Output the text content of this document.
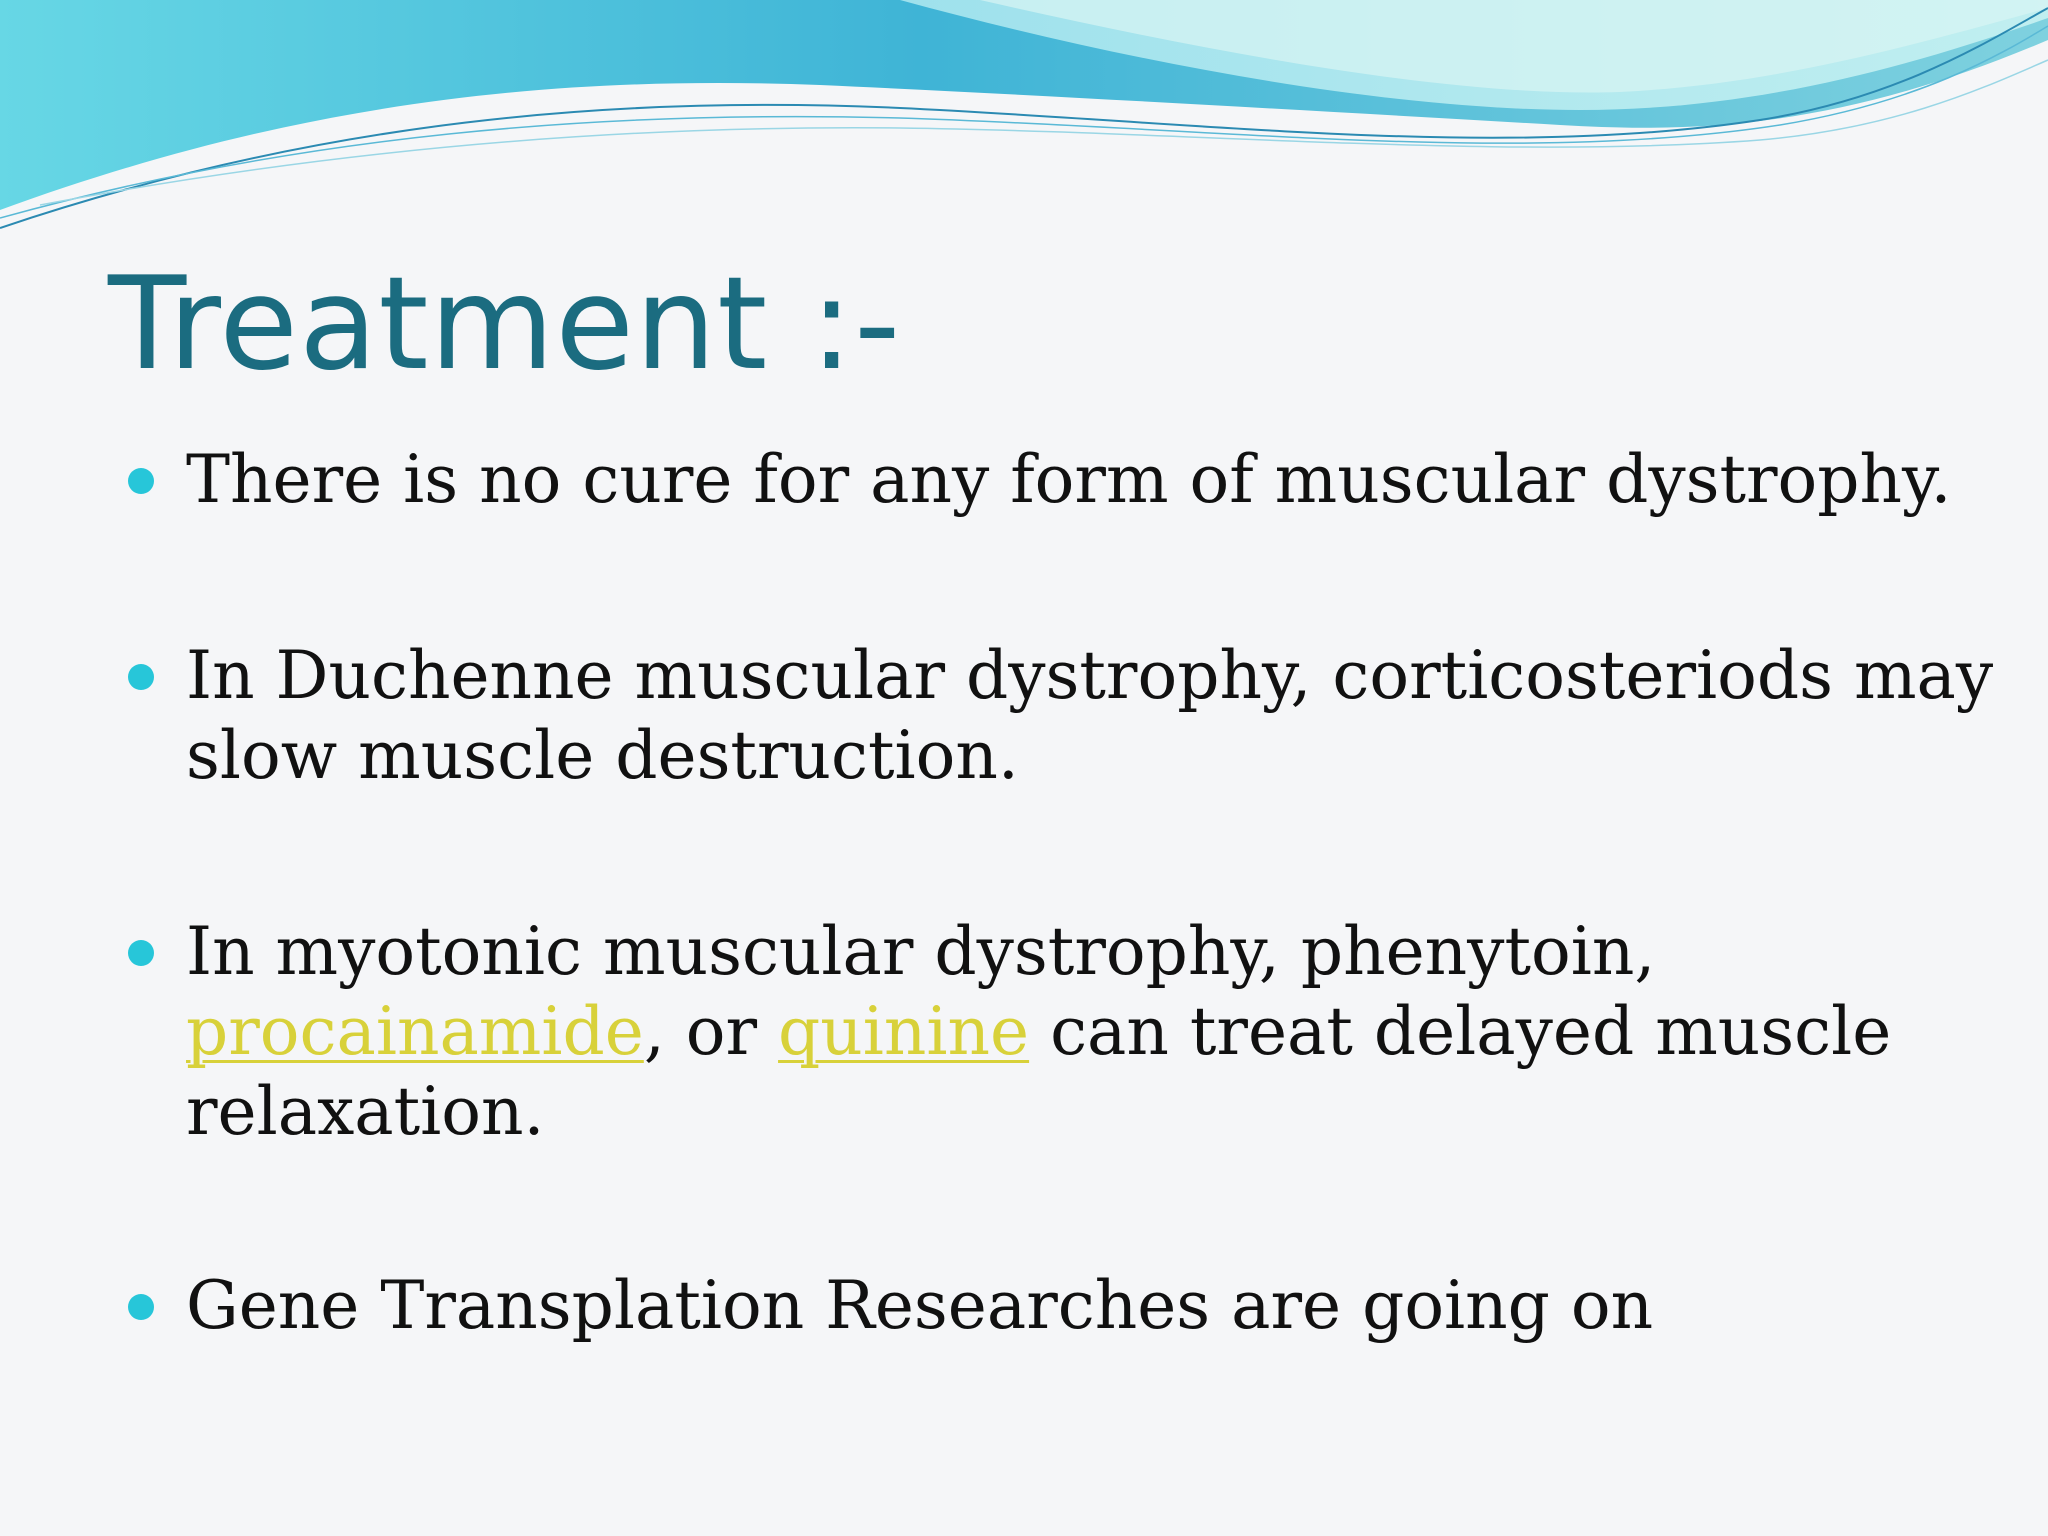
Treatment :-
There is no cure for any form of muscular dystrophy.
In Duchenne muscular dystrophy, corticosteriods may
slow muscle destruction.
In myotonic muscular dystrophy, phenytoin,
procainamide, or quinine can treat delayed muscle
relaxation.
Gene Transplation Researches are going on
